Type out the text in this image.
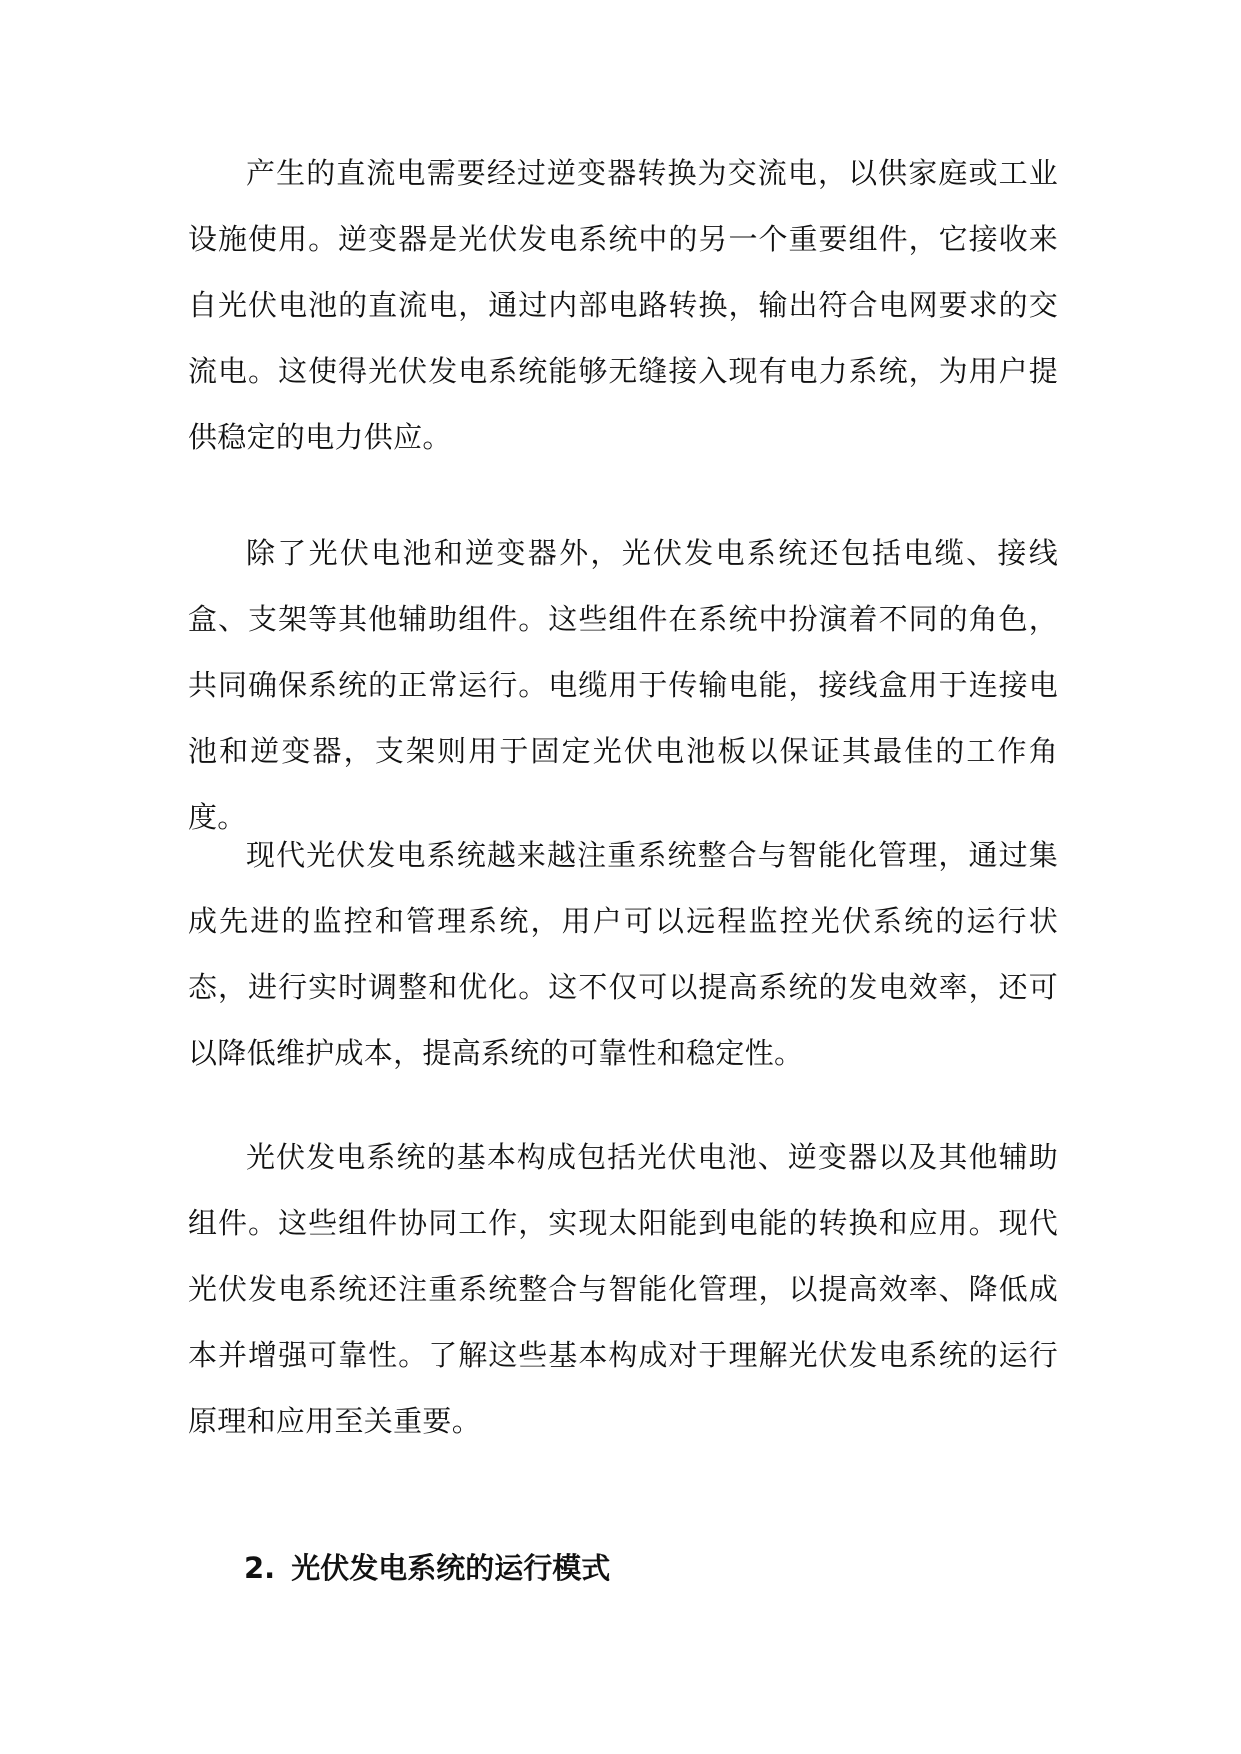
产生的直流电需要经过逆变器转换为交流电，以供家庭或工业设施使用。逆变器是光伏发电系统中的另一个重要组件，它接收来自光伏电池的直流电，通过内部电路转换，输出符合电网要求的交流电。这使得光伏发电系统能够无缝接入现有电力系统，为用户提供稳定的电力供应。

除了光伏电池和逆变器外，光伏发电系统还包括电缆、接线盒、支架等其他辅助组件。这些组件在系统中扮演着不同的角色，共同确保系统的正常运行。电缆用于传输电能，接线盒用于连接电池和逆变器，支架则用于固定光伏电池板以保证其最佳的工作角度。

现代光伏发电系统越来越注重系统整合与智能化管理，通过集成先进的监控和管理系统，用户可以远程监控光伏系统的运行状态，进行实时调整和优化。这不仅可以提高系统的发电效率，还可以降低维护成本，提高系统的可靠性和稳定性。

光伏发电系统的基本构成包括光伏电池、逆变器以及其他辅助组件。这些组件协同工作，实现太阳能到电能的转换和应用。现代光伏发电系统还注重系统整合与智能化管理，以提高效率、降低成本并增强可靠性。了解这些基本构成对于理解光伏发电系统的运行原理和应用至关重要。

2. 光伏发电系统的运行模式
